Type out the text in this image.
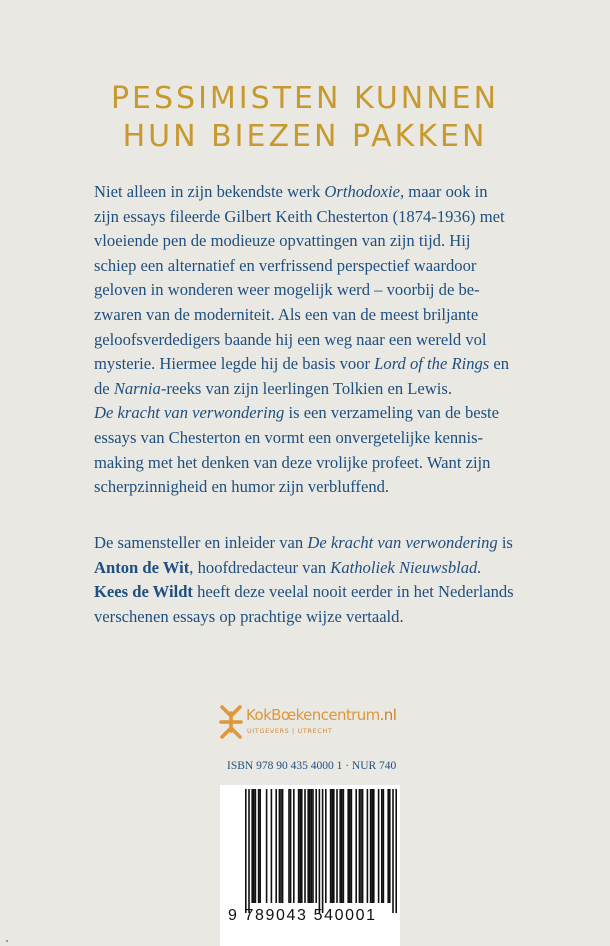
PESSIMISTEN KUNNEN
HUN BIEZEN PAKKEN
Niet alleen in zijn bekendste werk Orthodoxie, maar ook in
zijn essays fileerde Gilbert Keith Chesterton (1874-1936) met
vloeiende pen de modieuze opvattingen van zijn tijd. Hij
schiep een alternatief en verfrissend perspectief waardoor
geloven in wonderen weer mogelijk werd – voorbij de be-
zwaren van de moderniteit. Als een van de meest briljante
geloofsverdedigers baande hij een weg naar een wereld vol
mysterie. Hiermee legde hij de basis voor Lord of the Rings en
de Narnia-reeks van zijn leerlingen Tolkien en Lewis.
De kracht van verwondering is een verzameling van de beste
essays van Chesterton en vormt een onvergetelijke kennis-
making met het denken van deze vrolijke profeet. Want zijn
scherpzinnigheid en humor zijn verbluffend.
De samensteller en inleider van De kracht van verwondering is
Anton de Wit, hoofdredacteur van Katholiek Nieuwsblad.
Kees de Wildt heeft deze veelal nooit eerder in het Nederlands
verschenen essays op prachtige wijze vertaald.
KokBœkencentrum.nl
UITGEVERS | UTRECHT
ISBN 978 90 435 4000 1 · NUR 740
9 789043 540001
